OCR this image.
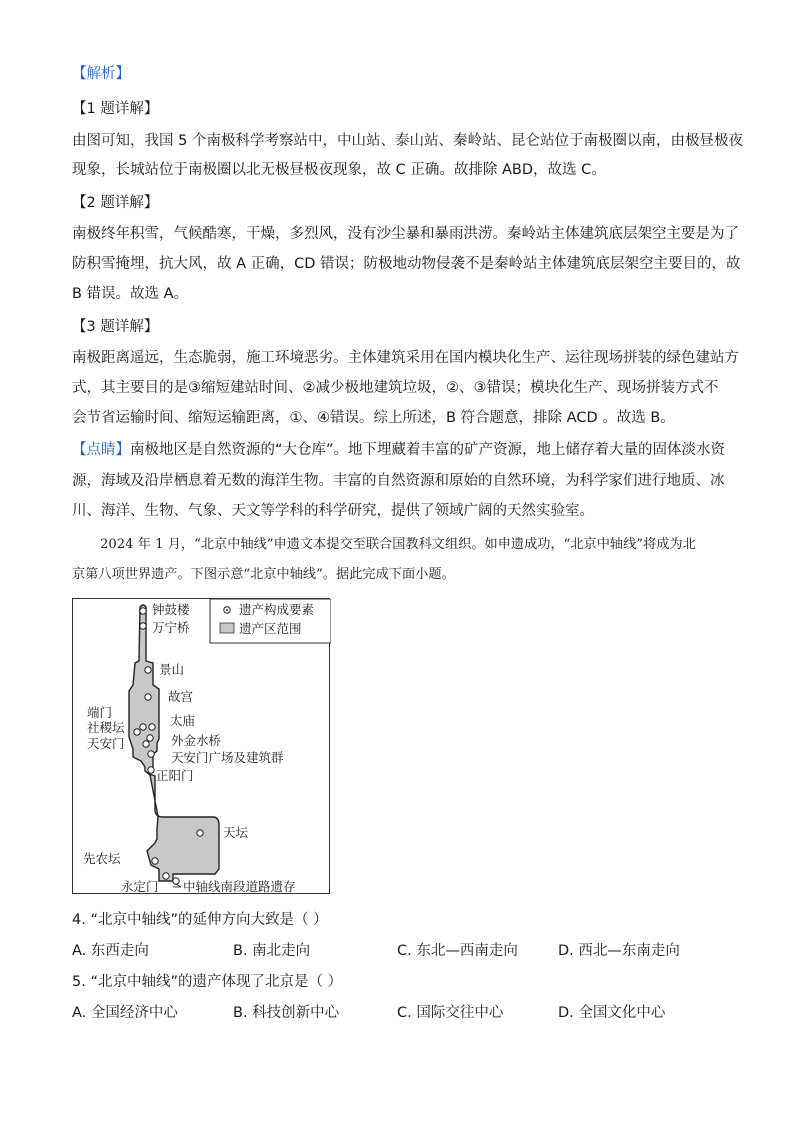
【解析】
【1 题详解】
由图可知，我国 5 个南极科学考察站中，中山站、泰山站、秦岭站、昆仑站位于南极圈以南，由极昼极夜
现象，长城站位于南极圈以北无极昼极夜现象，故 C 正确。故排除 ABD，故选 C。
【2 题详解】
南极终年积雪，气候酷寒，干燥，多烈风，没有沙尘暴和暴雨洪涝。秦岭站主体建筑底层架空主要是为了
防积雪掩埋，抗大风，故 A 正确，CD 错误；防极地动物侵袭不是秦岭站主体建筑底层架空主要目的，故
B 错误。故选 A。
【3 题详解】
南极距离遥远，生态脆弱，施工环境恶劣。主体建筑采用在国内模块化生产、运往现场拼装的绿色建站方
式，其主要目的是③缩短建站时间、②减少极地建筑垃圾，②、③错误；模块化生产、现场拼装方式不
会节省运输时间、缩短运输距离，①、④错误。综上所述，B 符合题意，排除 ACD 。故选 B。
【点睛】南极地区是自然资源的“大仓库”。地下埋藏着丰富的矿产资源，地上储存着大量的固体淡水资
源，海域及沿岸栖息着无数的海洋生物。丰富的自然资源和原始的自然环境，为科学家们进行地质、冰
川、海洋、生物、气象、天文等学科的科学研究，提供了领域广阔的天然实验室。
2024 年 1 月，“北京中轴线”申遗文本提交至联合国教科文组织。如申遗成功，“北京中轴线”将成为北
京第八项世界遗产。下图示意“北京中轴线”。据此完成下面小题。
遗产构成要素
遗产区范围
钟鼓楼
万宁桥
景山
故宫
端门
社稷坛	太庙
天安门	外金水桥
天安门广场及建筑群
正阳门
天坛
先农坛
永定门 中轴线南段道路遗存
4. “北京中轴线”的延伸方向大致是（ ）
A. 东西走向	B. 南北走向	C. 东北—西南走向	D. 西北—东南走向
5. “北京中轴线”的遗产体现了北京是（ ）
A. 全国经济中心	B. 科技创新中心	C. 国际交往中心	D. 全国文化中心
